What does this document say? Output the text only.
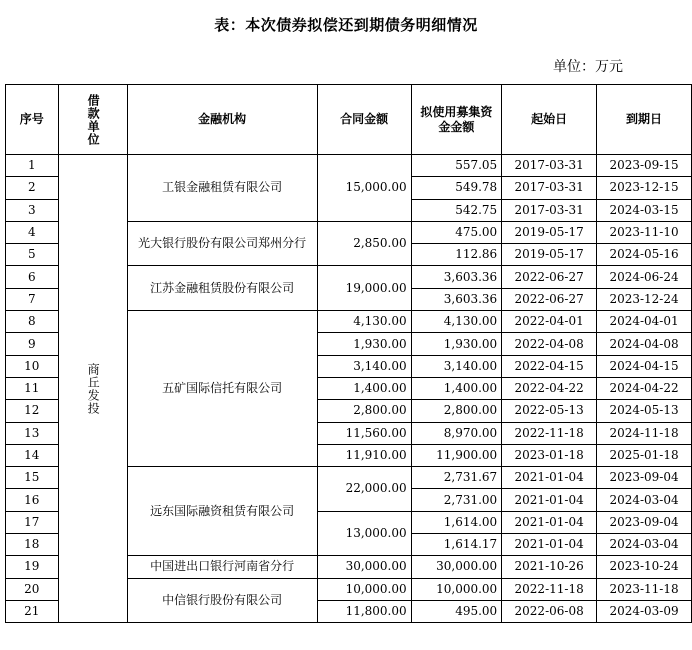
表：本次债券拟偿还到期债务明细情况
单位：万元
序号	借款单位	金融机构	合同金额	拟使用募集资金金额	起始日	到期日
1	商丘发投	工银金融租赁有限公司	15,000.00	557.05	2017-03-31	2023-09-15
2				549.78	2017-03-31	2023-12-15
3				542.75	2017-03-31	2024-03-15
4		光大银行股份有限公司郑州分行	2,850.00	475.00	2019-05-17	2023-11-10
5				112.86	2019-05-17	2024-05-16
6		江苏金融租赁股份有限公司	19,000.00	3,603.36	2022-06-27	2024-06-24
7				3,603.36	2022-06-27	2023-12-24
8		五矿国际信托有限公司	4,130.00	4,130.00	2022-04-01	2024-04-01
9			1,930.00	1,930.00	2022-04-08	2024-04-08
10			3,140.00	3,140.00	2022-04-15	2024-04-15
11			1,400.00	1,400.00	2022-04-22	2024-04-22
12			2,800.00	2,800.00	2022-05-13	2024-05-13
13			11,560.00	8,970.00	2022-11-18	2024-11-18
14			11,910.00	11,900.00	2023-01-18	2025-01-18
15		远东国际融资租赁有限公司	22,000.00	2,731.67	2021-01-04	2023-09-04
16				2,731.00	2021-01-04	2024-03-04
17			13,000.00	1,614.00	2021-01-04	2023-09-04
18				1,614.17	2021-01-04	2024-03-04
19		中国进出口银行河南省分行	30,000.00	30,000.00	2021-10-26	2023-10-24
20		中信银行股份有限公司	10,000.00	10,000.00	2022-11-18	2023-11-18
21			11,800.00	495.00	2022-06-08	2024-03-09
